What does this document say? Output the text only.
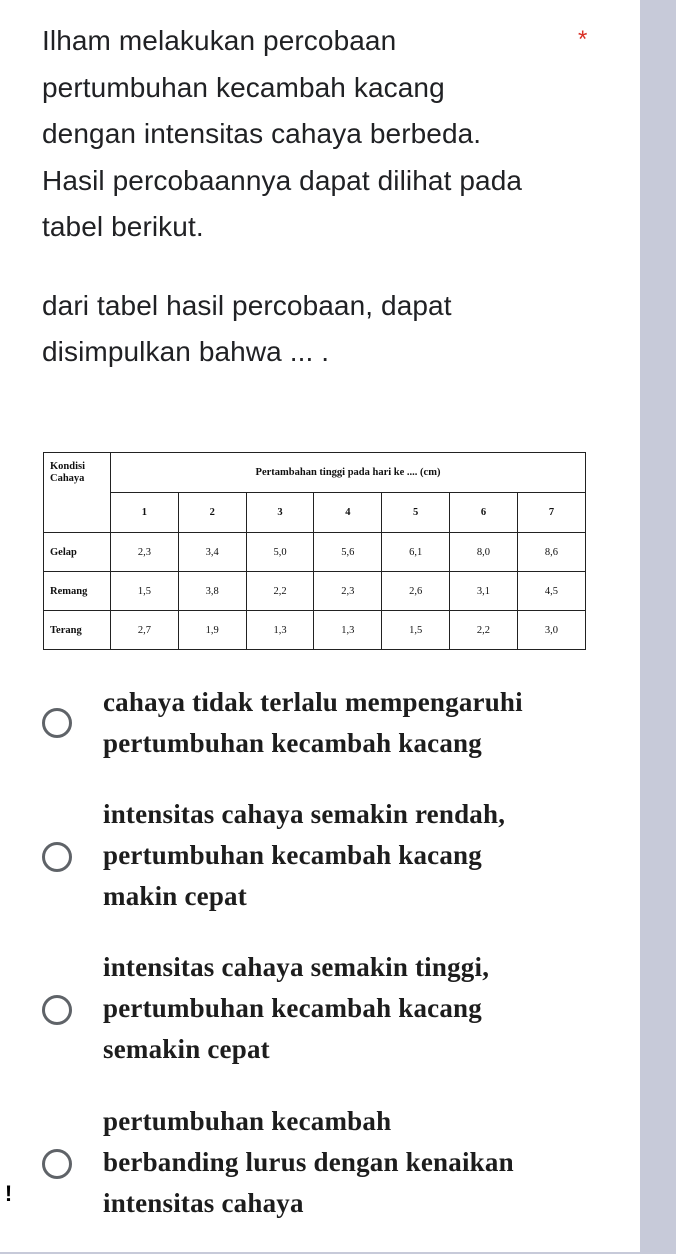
Ilham melakukan percobaan
pertumbuhan kecambah kacang
dengan intensitas cahaya berbeda.
Hasil percobaannya dapat dilihat pada
tabel berikut.
dari tabel hasil percobaan, dapat
disimpulkan bahwa ... .
*
Kondisi
Cahaya	Pertambahan tinggi pada hari ke .... (cm)						
	1	2	3	4	5	6	7
Gelap	2,3	3,4	5,0	5,6	6,1	8,0	8,6
Remang	1,5	3,8	2,2	2,3	2,6	3,1	4,5
Terang	2,7	1,9	1,3	1,3	1,5	2,2	3,0
cahaya tidak terlalu mempengaruhi
pertumbuhan kecambah kacang
intensitas cahaya semakin rendah,
pertumbuhan kecambah kacang
makin cepat
intensitas cahaya semakin tinggi,
pertumbuhan kecambah kacang
semakin cepat
pertumbuhan kecambah
berbanding lurus dengan kenaikan
intensitas cahaya
!
